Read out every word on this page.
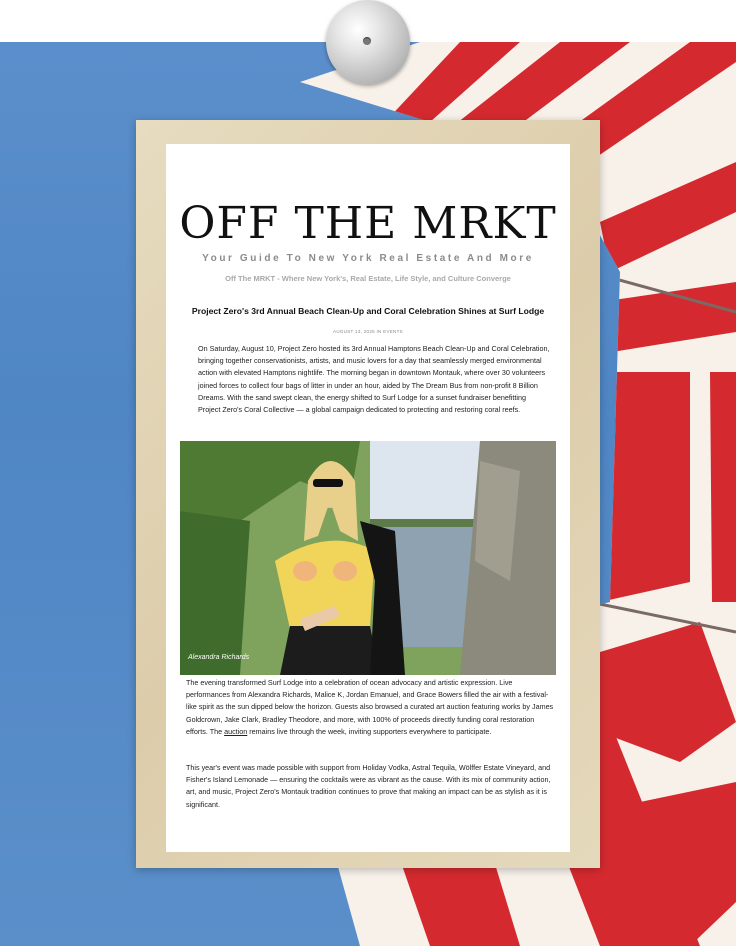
OFF THE MRKT
Your Guide To New York Real Estate And More
Off The MRKT - Where New York's, Real Estate, Life Style, and Culture Converge
Project Zero's 3rd Annual Beach Clean-Up and Coral Celebration Shines at Surf Lodge
AUGUST 13, 2025 IN EVENTS
On Saturday, August 10, Project Zero hosted its 3rd Annual Hamptons Beach Clean-Up and Coral Celebration, bringing together conservationists, artists, and music lovers for a day that seamlessly merged environmental action with elevated Hamptons nightlife. The morning began in downtown Montauk, where over 30 volunteers joined forces to collect four bags of litter in under an hour, aided by The Dream Bus from non-profit 8 Billion Dreams. With the sand swept clean, the energy shifted to Surf Lodge for a sunset fundraiser benefitting Project Zero's Coral Collective — a global campaign dedicated to protecting and restoring coral reefs.
Alexandra Richards
The evening transformed Surf Lodge into a celebration of ocean advocacy and artistic expression. Live performances from Alexandra Richards, Malice K, Jordan Emanuel, and Grace Bowers filled the air with a festival-like spirit as the sun dipped below the horizon. Guests also browsed a curated art auction featuring works by James Goldcrown, Jake Clark, Bradley Theodore, and more, with 100% of proceeds directly funding coral restoration efforts. The auction remains live through the week, inviting supporters everywhere to participate.
This year's event was made possible with support from Holiday Vodka, Astral Tequila, Wölffer Estate Vineyard, and Fisher's Island Lemonade — ensuring the cocktails were as vibrant as the cause. With its mix of community action, art, and music, Project Zero's Montauk tradition continues to prove that making an impact can be as stylish as it is significant.
